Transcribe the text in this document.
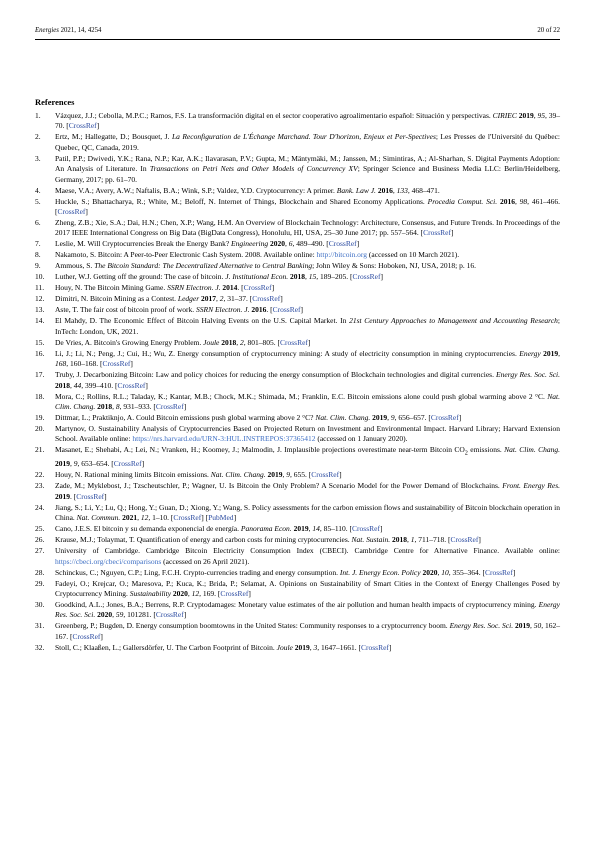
Energies 2021, 14, 4254	20 of 22
References
1. Vázquez, J.J.; Cebolla, M.P.C.; Ramos, F.S. La transformación digital en el sector cooperativo agroalimentario español: Situación y perspectivas. CIRIEC 2019, 95, 39–70. [CrossRef]
2. Ertz, M.; Hallegatte, D.; Bousquet, J. La Reconfiguration de L'Échange Marchand. Tour D'horizon, Enjeux et Per-Spectives; Les Presses de l'Université du Québec: Quebec, QC, Canada, 2019.
3. Patil, P.P.; Dwivedi, Y.K.; Rana, N.P.; Kar, A.K.; Ilavarasan, P.V.; Gupta, M.; Mäntymäki, M.; Janssen, M.; Simintiras, A.; Al-Sharhan, S. Digital Payments Adoption: An Analysis of Literature. In Transactions on Petri Nets and Other Models of Concurrency XV; Springer Science and Business Media LLC: Berlin/Heidelberg, Germany, 2017; pp. 61–70.
4. Maese, V.A.; Avery, A.W.; Naftalis, B.A.; Wink, S.P.; Valdez, Y.D. Cryptocurrency: A primer. Bank. Law J. 2016, 133, 468–471.
5. Huckle, S.; Bhattacharya, R.; White, M.; Beloff, N. Internet of Things, Blockchain and Shared Economy Applications. Procedia Comput. Sci. 2016, 98, 461–466. [CrossRef]
6. Zheng, Z.B.; Xie, S.A.; Dai, H.N.; Chen, X.P.; Wang, H.M. An Overview of Blockchain Technology: Architecture, Consensus, and Future Trends. In Proceedings of the 2017 IEEE International Congress on Big Data (BigData Congress), Honolulu, HI, USA, 25–30 June 2017; pp. 557–564. [CrossRef]
7. Leslie, M. Will Cryptocurrencies Break the Energy Bank? Engineering 2020, 6, 489–490. [CrossRef]
8. Nakamoto, S. Bitcoin: A Peer-to-Peer Electronic Cash System. 2008. Available online: http://bitcoin.org (accessed on 10 March 2021).
9. Ammous, S. The Bitcoin Standard: The Decentralized Alternative to Central Banking; John Wiley & Sons: Hoboken, NJ, USA, 2018; p. 16.
10. Luther, W.J. Getting off the ground: The case of bitcoin. J. Institutional Econ. 2018, 15, 189–205. [CrossRef]
11. Houy, N. The Bitcoin Mining Game. SSRN Electron. J. 2014. [CrossRef]
12. Dimitri, N. Bitcoin Mining as a Contest. Ledger 2017, 2, 31–37. [CrossRef]
13. Aste, T. The fair cost of bitcoin proof of work. SSRN Electron. J. 2016. [CrossRef]
14. El Mahdy, D. The Economic Effect of Bitcoin Halving Events on the U.S. Capital Market. In 21st Century Approaches to Management and Accounting Research; InTech: London, UK, 2021.
15. De Vries, A. Bitcoin's Growing Energy Problem. Joule 2018, 2, 801–805. [CrossRef]
16. Li, J.; Li, N.; Peng, J.; Cui, H.; Wu, Z. Energy consumption of cryptocurrency mining: A study of electricity consumption in mining cryptocurrencies. Energy 2019, 168, 160–168. [CrossRef]
17. Truby, J. Decarbonizing Bitcoin: Law and policy choices for reducing the energy consumption of Blockchain technologies and digital currencies. Energy Res. Soc. Sci. 2018, 44, 399–410. [CrossRef]
18. Mora, C.; Rollins, R.L.; Taladay, K.; Kantar, M.B.; Chock, M.K.; Shimada, M.; Franklin, E.C. Bitcoin emissions alone could push global warming above 2 °C. Nat. Clim. Chang. 2018, 8, 931–933. [CrossRef]
19. Dittmar, L.; Praktiknjo, A. Could Bitcoin emissions push global warming above 2 °C? Nat. Clim. Chang. 2019, 9, 656–657. [CrossRef]
20. Martynov, O. Sustainability Analysis of Cryptocurrencies Based on Projected Return on Investment and Environmental Impact. Harvard Library; Harvard Extension School. Available online: https://nrs.harvard.edu/URN-3:HUL.INSTREPOS:37365412 (accessed on 1 January 2020).
21. Masanet, E.; Shehabi, A.; Lei, N.; Vranken, H.; Koomey, J.; Malmodin, J. Implausible projections overestimate near-term Bitcoin $CO_2$ emissions. Nat. Clim. Chang. 2019, 9, 653–654. [CrossRef]
22. Houy, N. Rational mining limits Bitcoin emissions. Nat. Clim. Chang. 2019, 9, 655. [CrossRef]
23. Zade, M.; Myklebost, J.; Tzscheutschler, P.; Wagner, U. Is Bitcoin the Only Problem? A Scenario Model for the Power Demand of Blockchains. Front. Energy Res. 2019. [CrossRef]
24. Jiang, S.; Li, Y.; Lu, Q.; Hong, Y.; Guan, D.; Xiong, Y.; Wang, S. Policy assessments for the carbon emission flows and sustainability of Bitcoin blockchain operation in China. Nat. Commun. 2021, 12, 1–10. [CrossRef] [PubMed]
25. Cano, J.E.S. El bitcoin y su demanda exponencial de energía. Panorama Econ. 2019, 14, 85–110. [CrossRef]
26. Krause, M.J.; Tolaymat, T. Quantification of energy and carbon costs for mining cryptocurrencies. Nat. Sustain. 2018, 1, 711–718. [CrossRef]
27. University of Cambridge. Cambridge Bitcoin Electricity Consumption Index (CBECI). Cambridge Centre for Alternative Finance. Available online: https://cbeci.org/cbeci/comparisons (accessed on 26 April 2021).
28. Schinckus, C.; Nguyen, C.P.; Ling, F.C.H. Crypto-currencies trading and energy consumption. Int. J. Energy Econ. Policy 2020, 10, 355–364. [CrossRef]
29. Fadeyi, O.; Krejcar, O.; Maresova, P.; Kuca, K.; Brida, P.; Selamat, A. Opinions on Sustainability of Smart Cities in the Context of Energy Challenges Posed by Cryptocurrency Mining. Sustainability 2020, 12, 169. [CrossRef]
30. Goodkind, A.L.; Jones, B.A.; Berrens, R.P. Cryptodamages: Monetary value estimates of the air pollution and human health impacts of cryptocurrency mining. Energy Res. Soc. Sci. 2020, 59, 101281. [CrossRef]
31. Greenberg, P.; Bugden, D. Energy consumption boomtowns in the United States: Community responses to a cryptocurrency boom. Energy Res. Soc. Sci. 2019, 50, 162–167. [CrossRef]
32. Stoll, C.; Klaaßen, L.; Gallersdörfer, U. The Carbon Footprint of Bitcoin. Joule 2019, 3, 1647–1661. [CrossRef]
